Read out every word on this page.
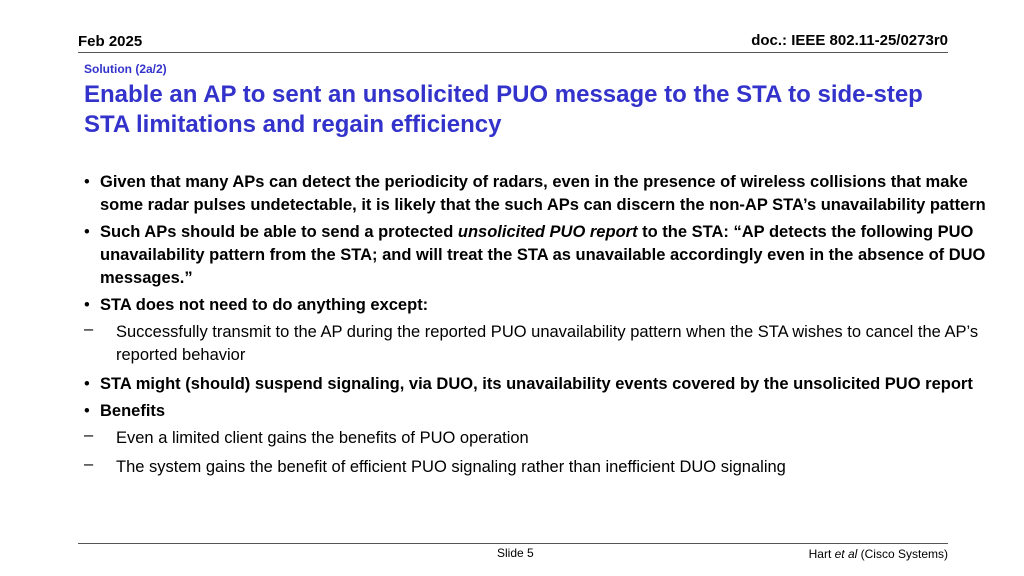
Feb 2025	doc.: IEEE 802.11-25/0273r0
Solution (2a/2)
Enable an AP to sent an unsolicited PUO message to the STA to side-step STA limitations and regain efficiency
• Given that many APs can detect the periodicity of radars, even in the presence of wireless collisions that make some radar pulses undetectable, it is likely that the such APs can discern the non-AP STA’s unavailability pattern
• Such APs should be able to send a protected unsolicited PUO report to the STA: “AP detects the following PUO unavailability pattern from the STA; and will treat the STA as unavailable accordingly even in the absence of DUO messages.”
• STA does not need to do anything except:
– Successfully transmit to the AP during the reported PUO unavailability pattern when the STA wishes to cancel the AP’s reported behavior
• STA might (should) suspend signaling, via DUO, its unavailability events covered by the unsolicited PUO report
• Benefits
– Even a limited client gains the benefits of PUO operation
– The system gains the benefit of efficient PUO signaling rather than inefficient DUO signaling
Slide 5	Hart et al (Cisco Systems)
